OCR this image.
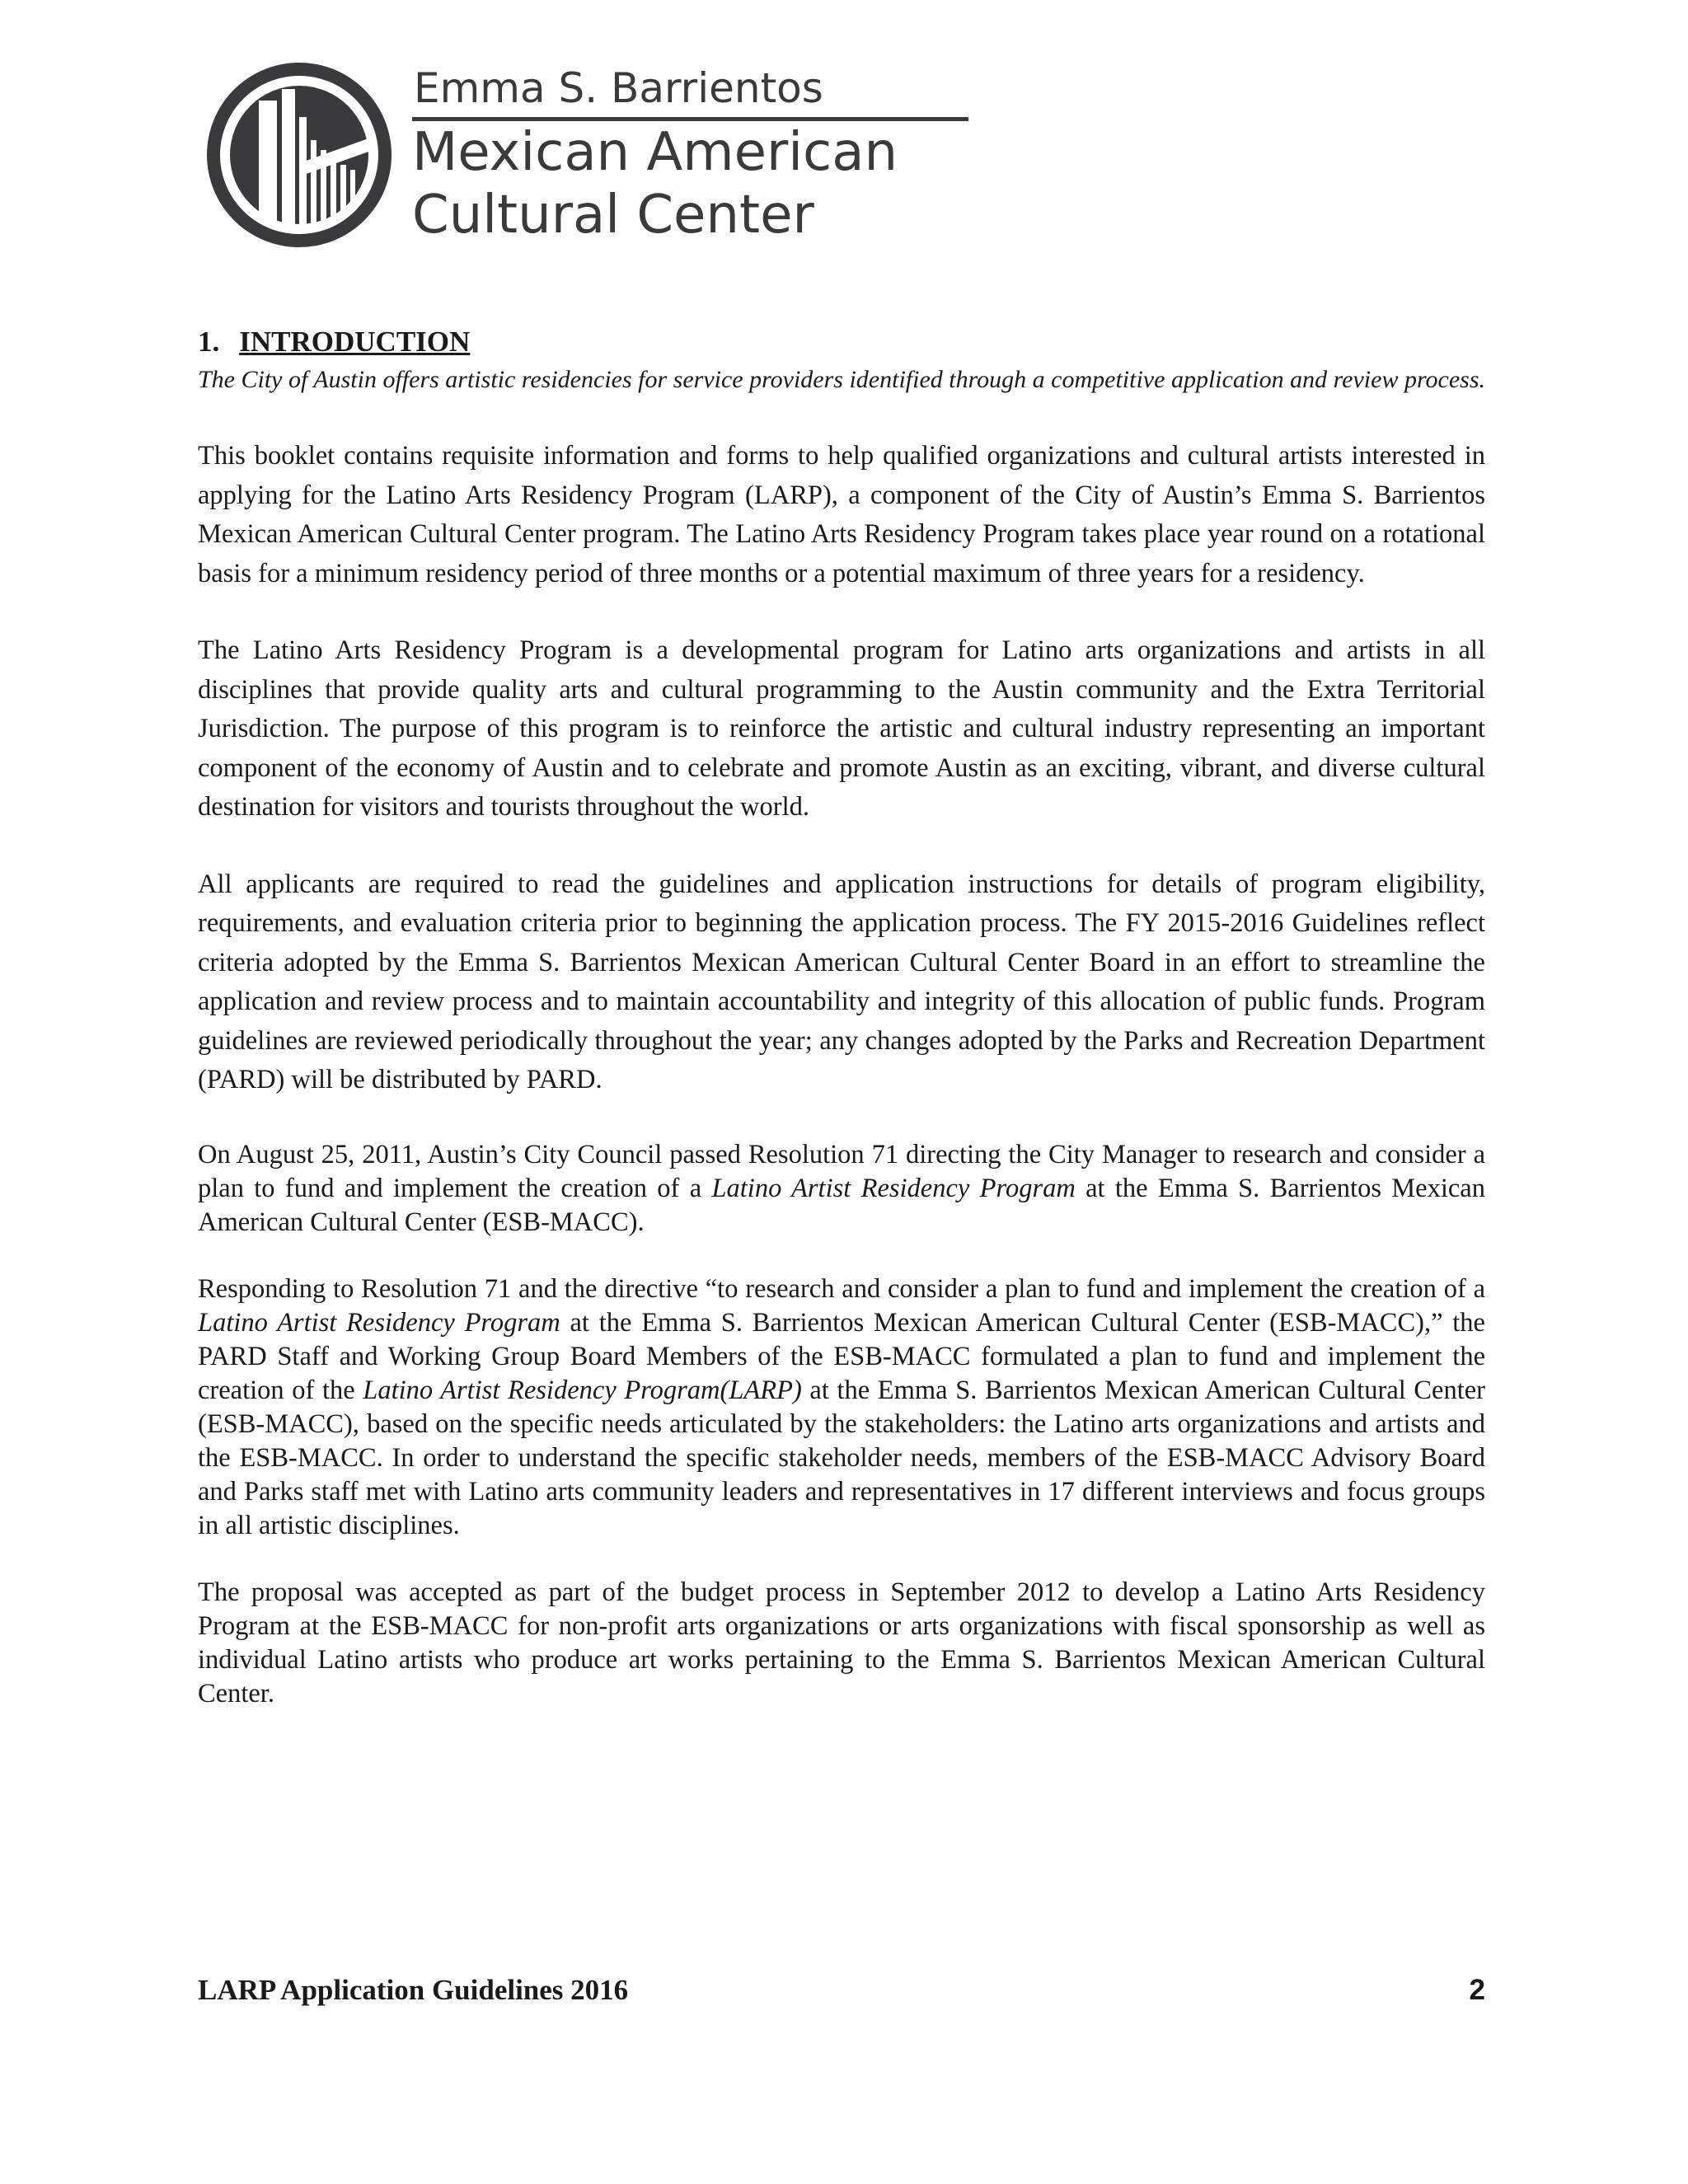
Emma S. Barrientos
Mexican American
Cultural Center
1. INTRODUCTION

The City of Austin offers artistic residencies for service providers identified through a competitive application and review process.

This booklet contains requisite information and forms to help qualified organizations and cultural artists interested in applying for the Latino Arts Residency Program (LARP), a component of the City of Austin’s Emma S. Barrientos Mexican American Cultural Center program. The Latino Arts Residency Program takes place year round on a rotational basis for a minimum residency period of three months or a potential maximum of three years for a residency.

The Latino Arts Residency Program is a developmental program for Latino arts organizations and artists in all disciplines that provide quality arts and cultural programming to the Austin community and the Extra Territorial Jurisdiction. The purpose of this program is to reinforce the artistic and cultural industry representing an important component of the economy of Austin and to celebrate and promote Austin as an exciting, vibrant, and diverse cultural destination for visitors and tourists throughout the world.

All applicants are required to read the guidelines and application instructions for details of program eligibility, requirements, and evaluation criteria prior to beginning the application process. The FY 2015-2016 Guidelines reflect criteria adopted by the Emma S. Barrientos Mexican American Cultural Center Board in an effort to streamline the application and review process and to maintain accountability and integrity of this allocation of public funds. Program guidelines are reviewed periodically throughout the year; any changes adopted by the Parks and Recreation Department (PARD) will be distributed by PARD.

On August 25, 2011, Austin’s City Council passed Resolution 71 directing the City Manager to research and consider a plan to fund and implement the creation of a Latino Artist Residency Program at the Emma S. Barrientos Mexican American Cultural Center (ESB-MACC).

Responding to Resolution 71 and the directive “to research and consider a plan to fund and implement the creation of a Latino Artist Residency Program at the Emma S. Barrientos Mexican American Cultural Center (ESB-MACC),” the PARD Staff and Working Group Board Members of the ESB-MACC formulated a plan to fund and implement the creation of the Latino Artist Residency Program(LARP) at the Emma S. Barrientos Mexican American Cultural Center (ESB-MACC), based on the specific needs articulated by the stakeholders: the Latino arts organizations and artists and the ESB-MACC. In order to understand the specific stakeholder needs, members of the ESB-MACC Advisory Board and Parks staff met with Latino arts community leaders and representatives in 17 different interviews and focus groups in all artistic disciplines.

The proposal was accepted as part of the budget process in September 2012 to develop a Latino Arts Residency Program at the ESB-MACC for non-profit arts organizations or arts organizations with fiscal sponsorship as well as individual Latino artists who produce art works pertaining to the Emma S. Barrientos Mexican American Cultural Center.

LARP Application Guidelines 2016	2
